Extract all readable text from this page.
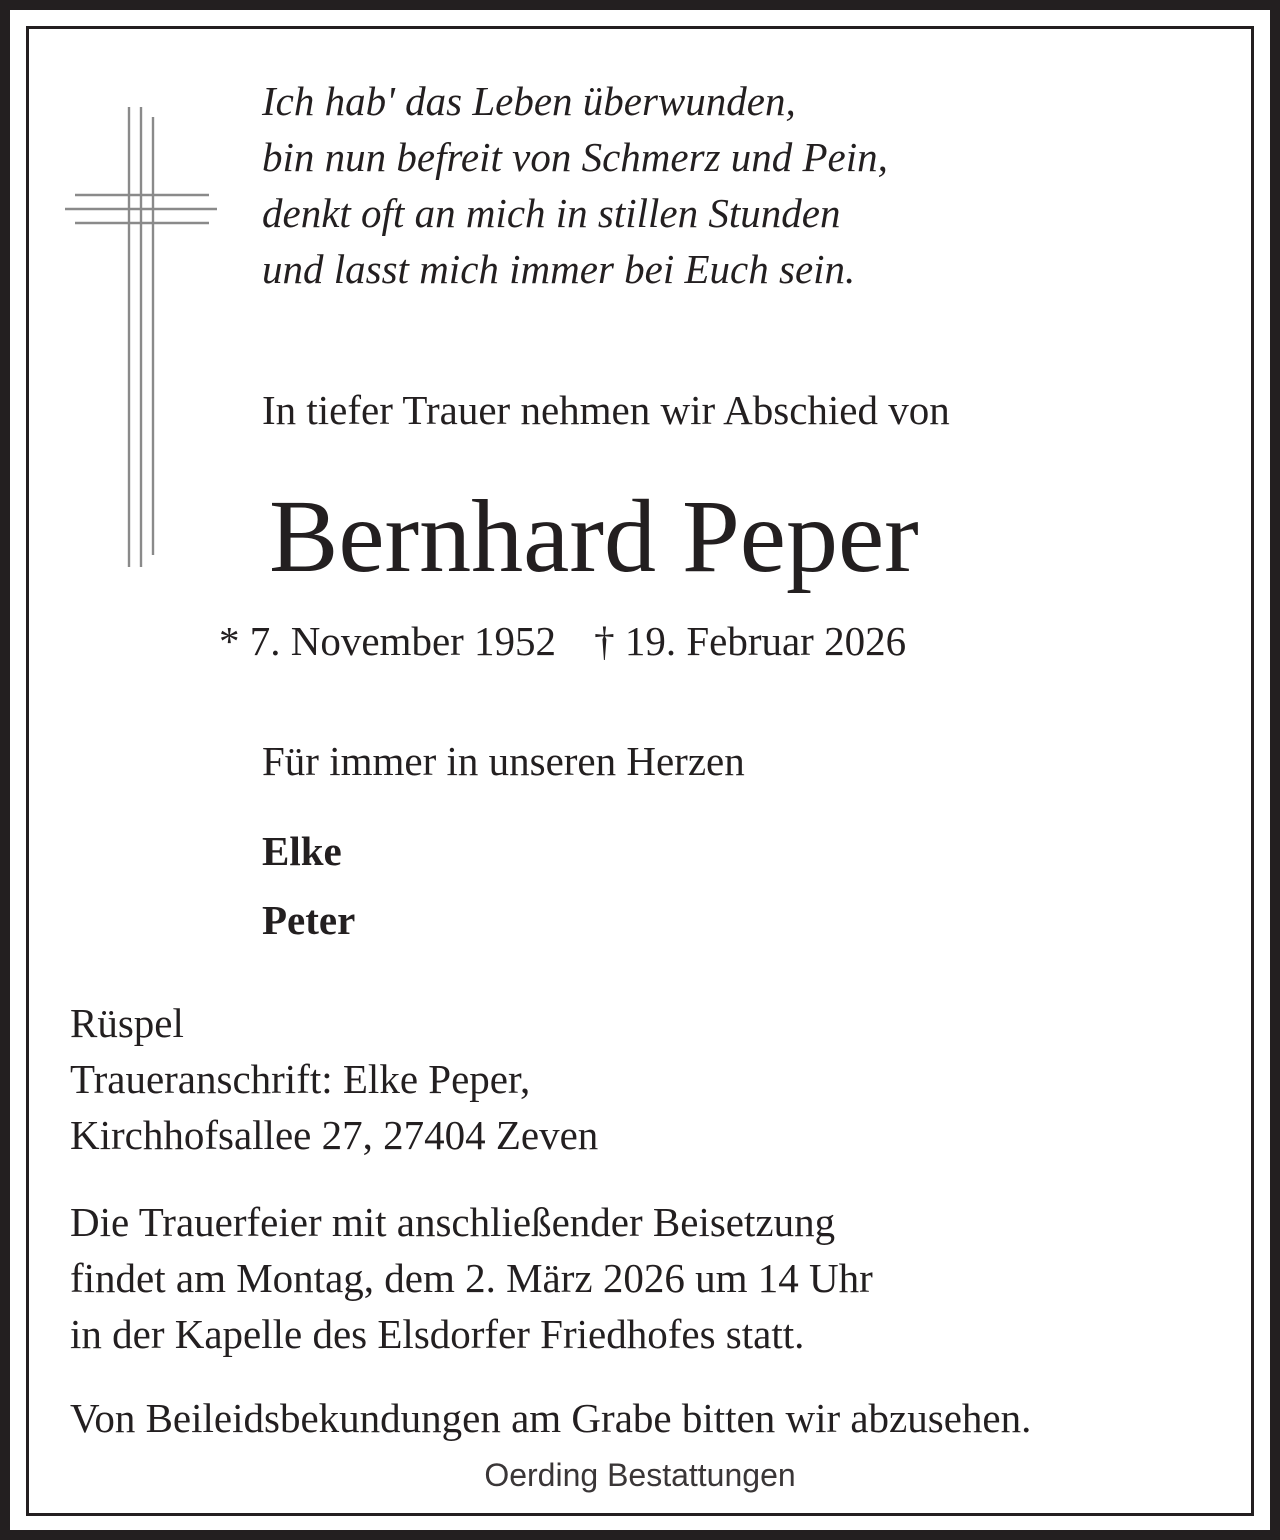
Ich hab' das Leben überwunden,
bin nun befreit von Schmerz und Pein,
denkt oft an mich in stillen Stunden
und lasst mich immer bei Euch sein.
In tiefer Trauer nehmen wir Abschied von
Bernhard Peper
* 7. November 1952 † 19. Februar 2026
Für immer in unseren Herzen
Elke
Peter
Rüspel
Traueranschrift: Elke Peper,
Kirchhofsallee 27, 27404 Zeven
Die Trauerfeier mit anschließender Beisetzung
findet am Montag, dem 2. März 2026 um 14 Uhr
in der Kapelle des Elsdorfer Friedhofes statt.
Von Beileidsbekundungen am Grabe bitten wir abzusehen.
Oerding Bestattungen
